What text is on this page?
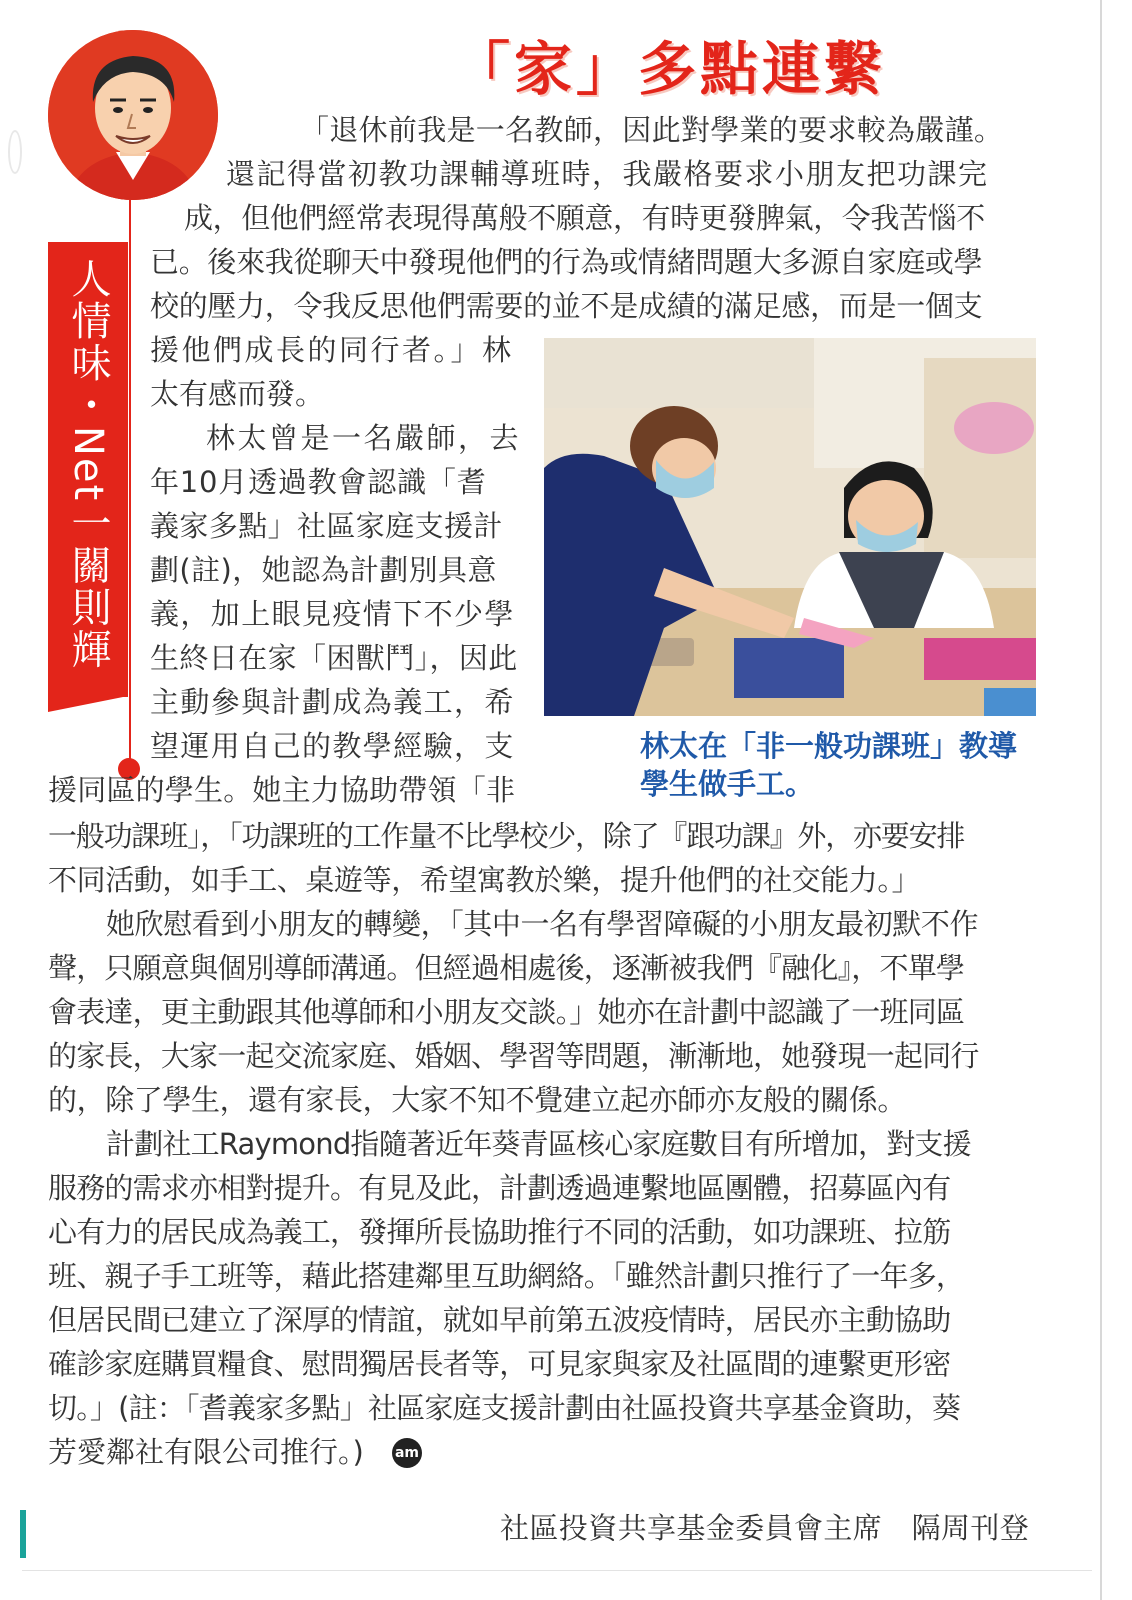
「家」多點連繫
人情味・Net一關則輝
「退休前我是一名教師，因此對學業的要求較為嚴謹。
還記得當初教功課輔導班時，我嚴格要求小朋友把功課完
成，但他們經常表現得萬般不願意，有時更發脾氣，令我苦惱不
已。後來我從聊天中發現他們的行為或情緒問題大多源自家庭或學
校的壓力，令我反思他們需要的並不是成績的滿足感，而是一個支
援他們成長的同行者。」林
太有感而發。
林太曾是一名嚴師，去
年10月透過教會認識「耆
義家多點」社區家庭支援計
劃(註)，她認為計劃別具意
義，加上眼見疫情下不少學
生終日在家「困獸鬥」，因此
主動參與計劃成為義工，希
望運用自己的教學經驗，支
援同區的學生。她主力協助帶領「非
一般功課班」，「功課班的工作量不比學校少，除了『跟功課』外，亦要安排
不同活動，如手工、桌遊等，希望寓教於樂，提升他們的社交能力。」
她欣慰看到小朋友的轉變，「其中一名有學習障礙的小朋友最初默不作
聲，只願意與個別導師溝通。但經過相處後，逐漸被我們『融化』，不單學
會表達，更主動跟其他導師和小朋友交談。」她亦在計劃中認識了一班同區
的家長，大家一起交流家庭、婚姻、學習等問題，漸漸地，她發現一起同行
的，除了學生，還有家長，大家不知不覺建立起亦師亦友般的關係。
計劃社工Raymond指隨著近年葵青區核心家庭數目有所增加，對支援
服務的需求亦相對提升。有見及此，計劃透過連繫地區團體，招募區內有
心有力的居民成為義工，發揮所長協助推行不同的活動，如功課班、拉筋
班、親子手工班等，藉此搭建鄰里互助網絡。「雖然計劃只推行了一年多，
但居民間已建立了深厚的情誼，就如早前第五波疫情時，居民亦主動協助
確診家庭購買糧食、慰問獨居長者等，可見家與家及社區間的連繫更形密
切。」(註：「耆義家多點」社區家庭支援計劃由社區投資共享基金資助，葵
芳愛鄰社有限公司推行。) am
林太在「非一般功課班」教導
學生做手工。
社區投資共享基金委員會主席　隔周刊登
